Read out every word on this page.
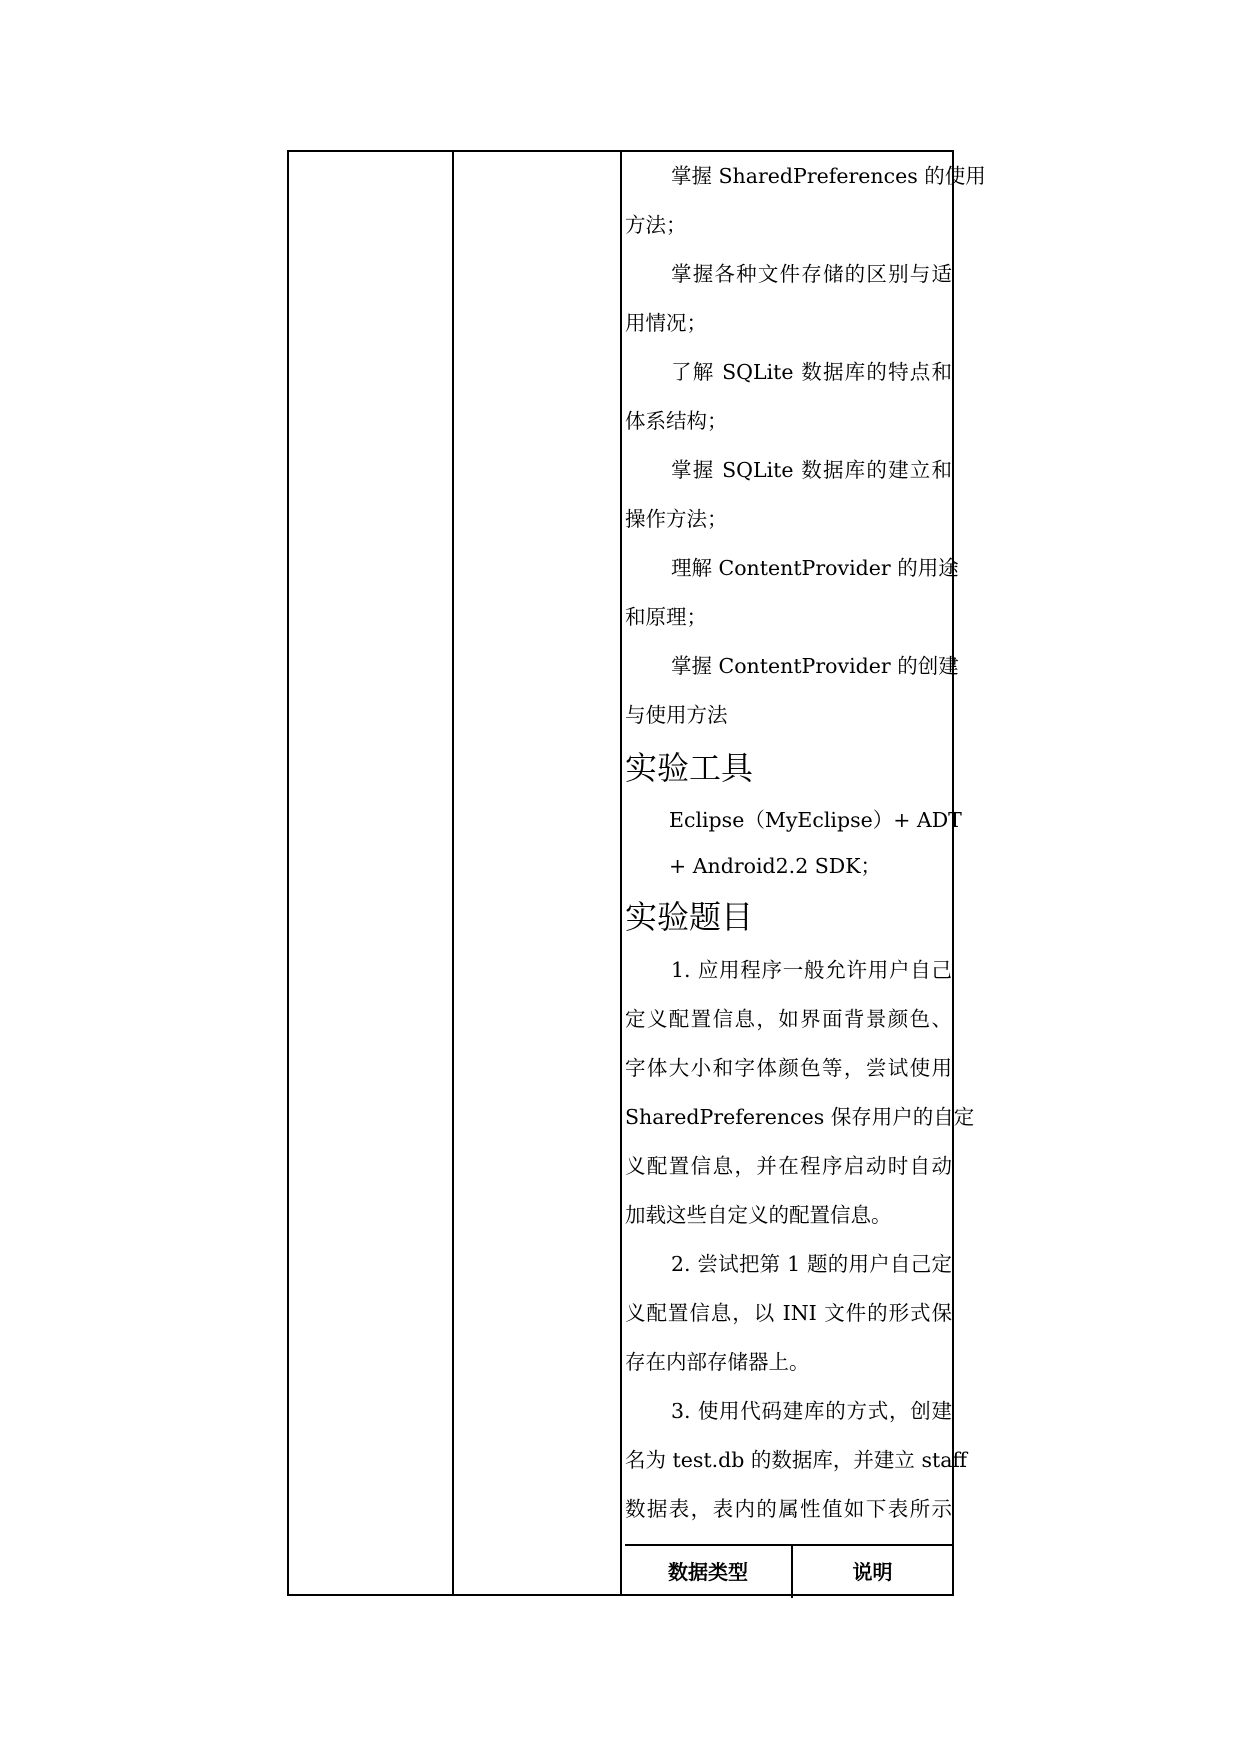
掌握 SharedPreferences 的使用
方法；
掌握各种文件存储的区别与适
用情况；
了解 SQLite 数据库的特点和
体系结构；
掌握 SQLite 数据库的建立和
操作方法；
理解 ContentProvider 的用途
和原理；
掌握 ContentProvider 的创建
与使用方法
实验工具
Eclipse（MyEclipse）+ ADT
+ Android2.2 SDK；
实验题目
1. 应用程序一般允许用户自己
定义配置信息，如界面背景颜色、
字体大小和字体颜色等，尝试使用
SharedPreferences 保存用户的自定
义配置信息，并在程序启动时自动
加载这些自定义的配置信息。
2. 尝试把第 1 题的用户自己定
义配置信息，以 INI 文件的形式保
存在内部存储器上。
3. 使用代码建库的方式，创建
名为 test.db 的数据库，并建立 staff
数据表，表内的属性值如下表所示
数据类型	说明
